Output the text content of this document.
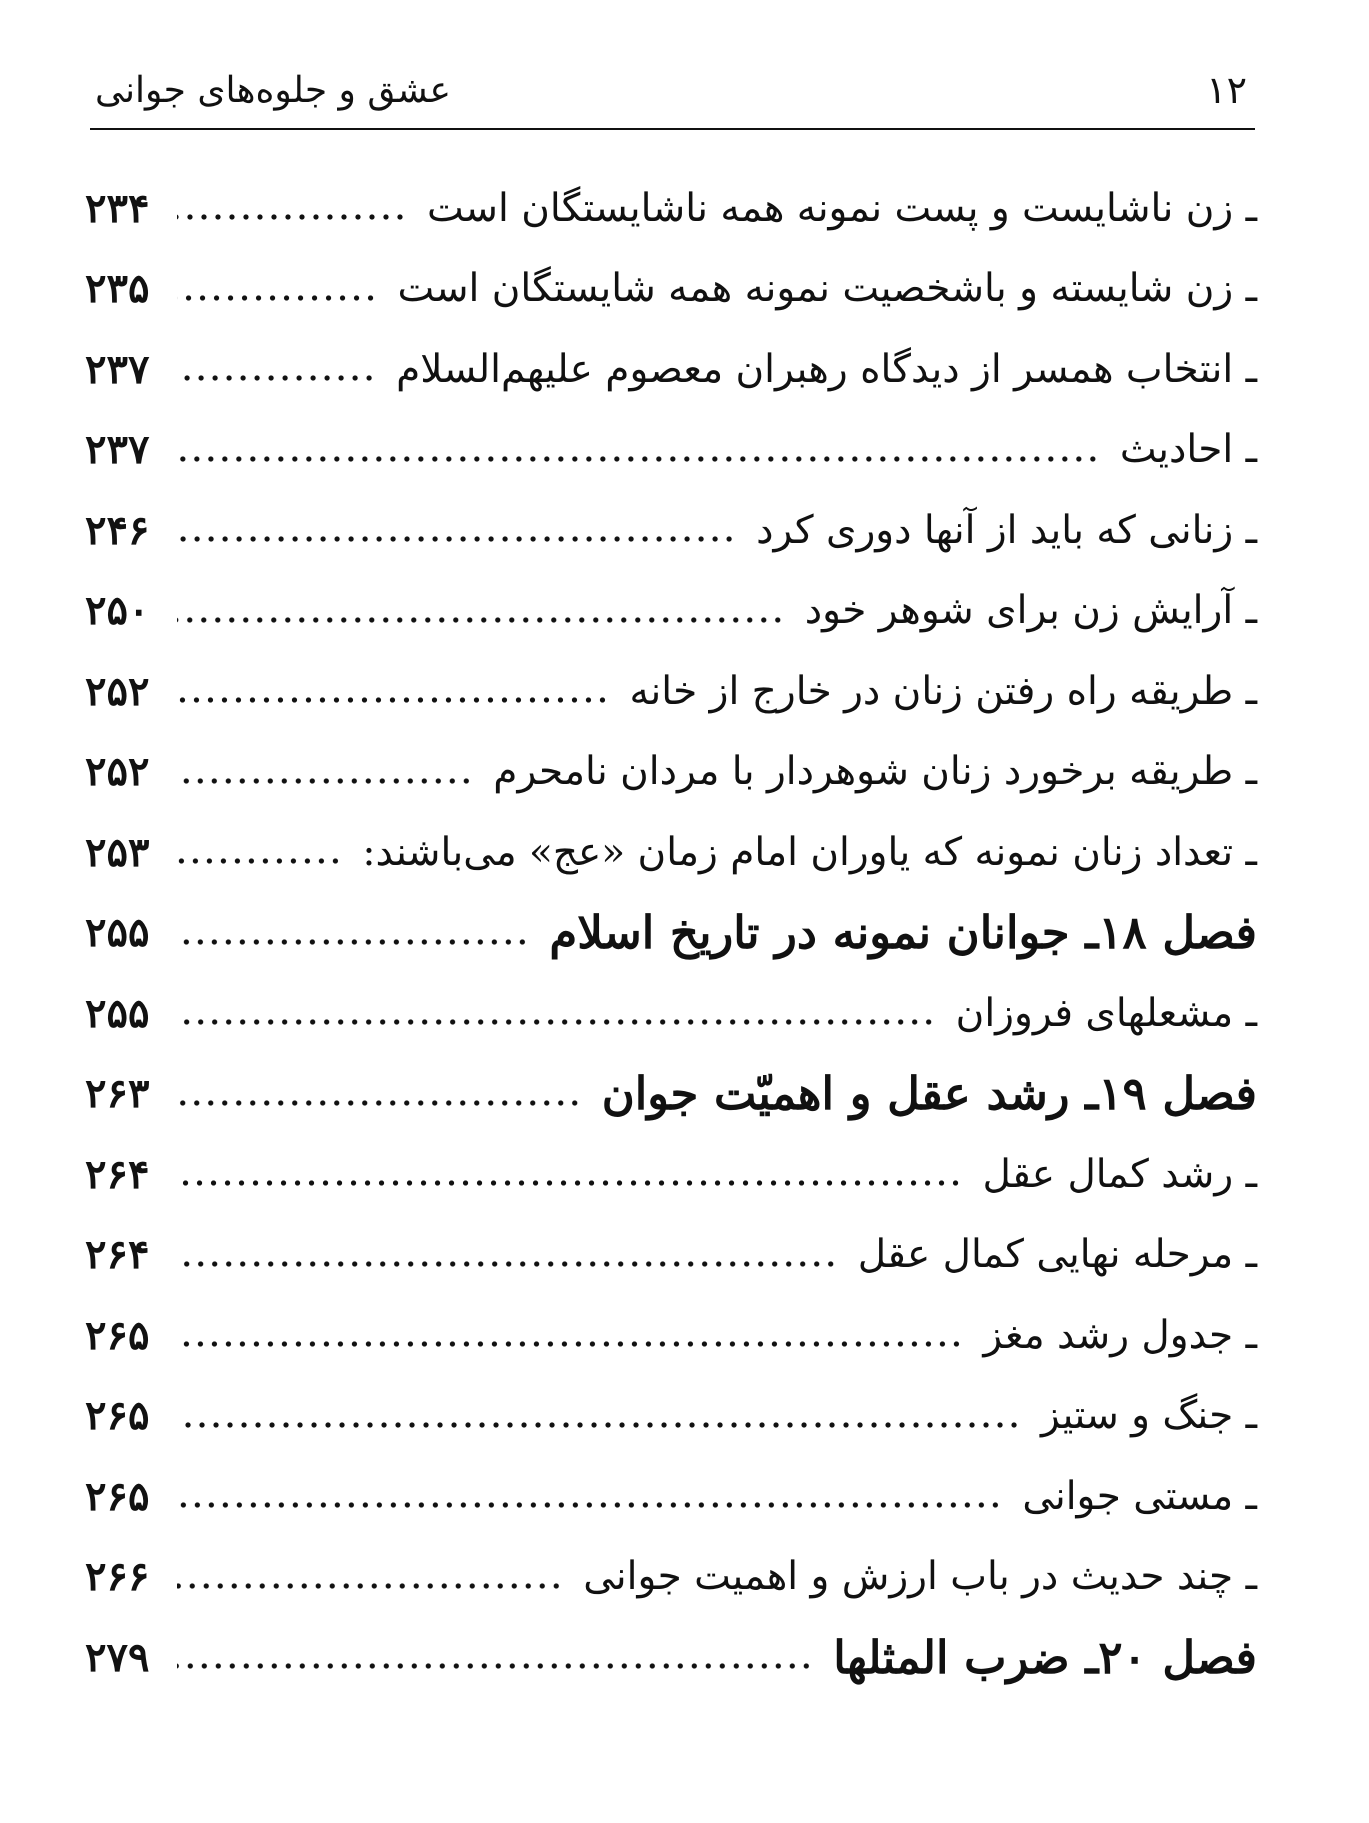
عشق و جلوه‌های جوانی	۱۲
ـ زن ناشایست و پست نمونه همه ناشایستگان است
۲۳۴
ـ زن شایسته و باشخصیت نمونه همه شایستگان است
۲۳۵
ـ انتخاب همسر از دیدگاه رهبران معصوم علیهم‌السلام
۲۳۷
ـ احادیث
۲۳۷
ـ زنانی که باید از آنها دوری کرد
۲۴۶
ـ آرایش زن برای شوهر خود
۲۵۰
ـ طریقه راه رفتن زنان در خارج از خانه
۲۵۲
ـ طریقه برخورد زنان شوهردار با مردان نامحرم
۲۵۲
ـ تعداد زنان نمونه که یاوران امام زمان «عج» می‌باشند:
۲۵۳
فصل ۱۸ـ جوانان نمونه در تاریخ اسلام
۲۵۵
ـ مشعلهای فروزان
۲۵۵
فصل ۱۹ـ رشد عقل و اهمیّت جوان
۲۶۳
ـ رشد کمال عقل
۲۶۴
ـ مرحله نهایی کمال عقل
۲۶۴
ـ جدول رشد مغز
۲۶۵
ـ جنگ و ستیز
۲۶۵
ـ مستی جوانی
۲۶۵
ـ چند حدیث در باب ارزش و اهمیت جوانی
۲۶۶
فصل ۲۰ـ ضرب المثلها
۲۷۹
